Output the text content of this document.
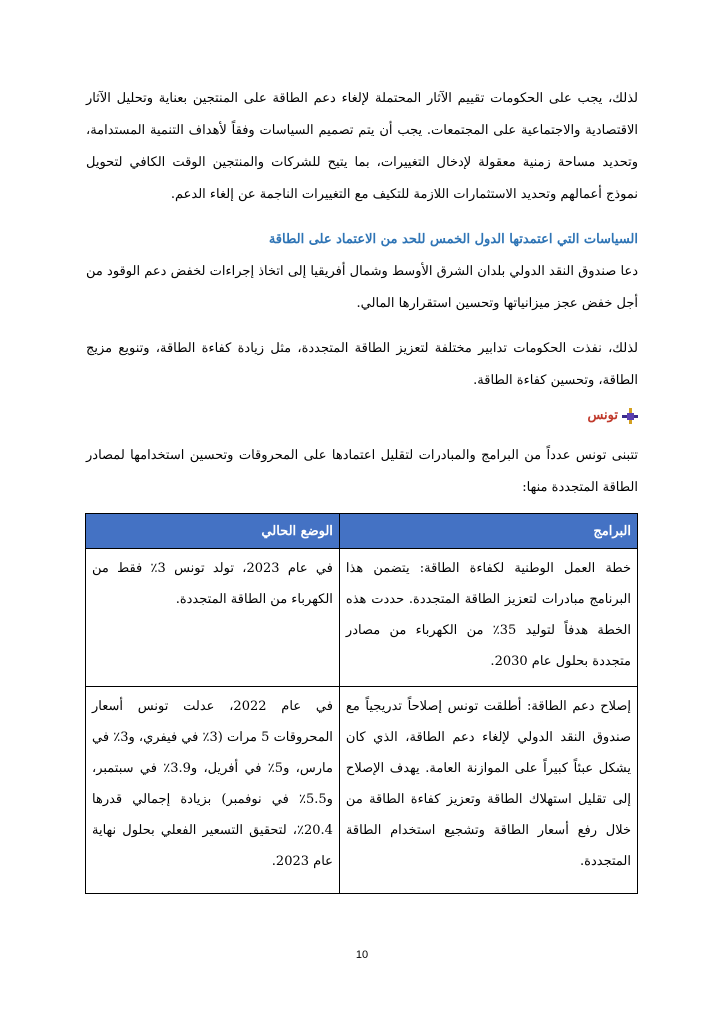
لذلك، يجب على الحكومات تقييم الآثار المحتملة لإلغاء دعم الطاقة على المنتجين بعناية وتحليل الآثار الاقتصادية والاجتماعية على المجتمعات. يجب أن يتم تصميم السياسات وفقاً لأهداف التنمية المستدامة، وتحديد مساحة زمنية معقولة لإدخال التغييرات، بما يتيح للشركات والمنتجين الوقت الكافي لتحويل نموذج أعمالهم وتحديد الاستثمارات اللازمة للتكيف مع التغييرات الناجمة عن إلغاء الدعم.

السياسات التي اعتمدتها الدول الخمس للحد من الاعتماد على الطاقة

دعا صندوق النقد الدولي بلدان الشرق الأوسط وشمال أفريقيا إلى اتخاذ إجراءات لخفض دعم الوقود من أجل خفض عجز ميزانياتها وتحسين استقرارها المالي.

لذلك، نفذت الحكومات تدابير مختلفة لتعزيز الطاقة المتجددة، مثل زيادة كفاءة الطاقة، وتنويع مزيج الطاقة، وتحسين كفاءة الطاقة.

تونس

تتبنى تونس عدداً من البرامج والمبادرات لتقليل اعتمادها على المحروقات وتحسين استخدامها لمصادر الطاقة المتجددة منها:

البرامج	الوضع الحالي
خطة العمل الوطنية لكفاءة الطاقة: يتضمن هذا البرنامج مبادرات لتعزيز الطاقة المتجددة. حددت هذه الخطة هدفاً لتوليد 35٪ من الكهرباء من مصادر متجددة بحلول عام 2030.	في عام 2023، تولد تونس 3٪ فقط من الكهرباء من الطاقة المتجددة.
إصلاح دعم الطاقة: أطلقت تونس إصلاحاً تدريجياً مع صندوق النقد الدولي لإلغاء دعم الطاقة، الذي كان يشكل عبئاً كبيراً على الموازنة العامة. يهدف الإصلاح إلى تقليل استهلاك الطاقة وتعزيز كفاءة الطاقة من خلال رفع أسعار الطاقة وتشجيع استخدام الطاقة المتجددة.	في عام 2022، عدلت تونس أسعار المحروقات 5 مرات (3٪ في فيفري، و3٪ في مارس، و5٪ في أفريل، و3.9٪ في سبتمبر، و5.5٪ في نوفمبر) بزيادة إجمالي قدرها 20.4٪، لتحقيق التسعير الفعلي بحلول نهاية عام 2023.
10
